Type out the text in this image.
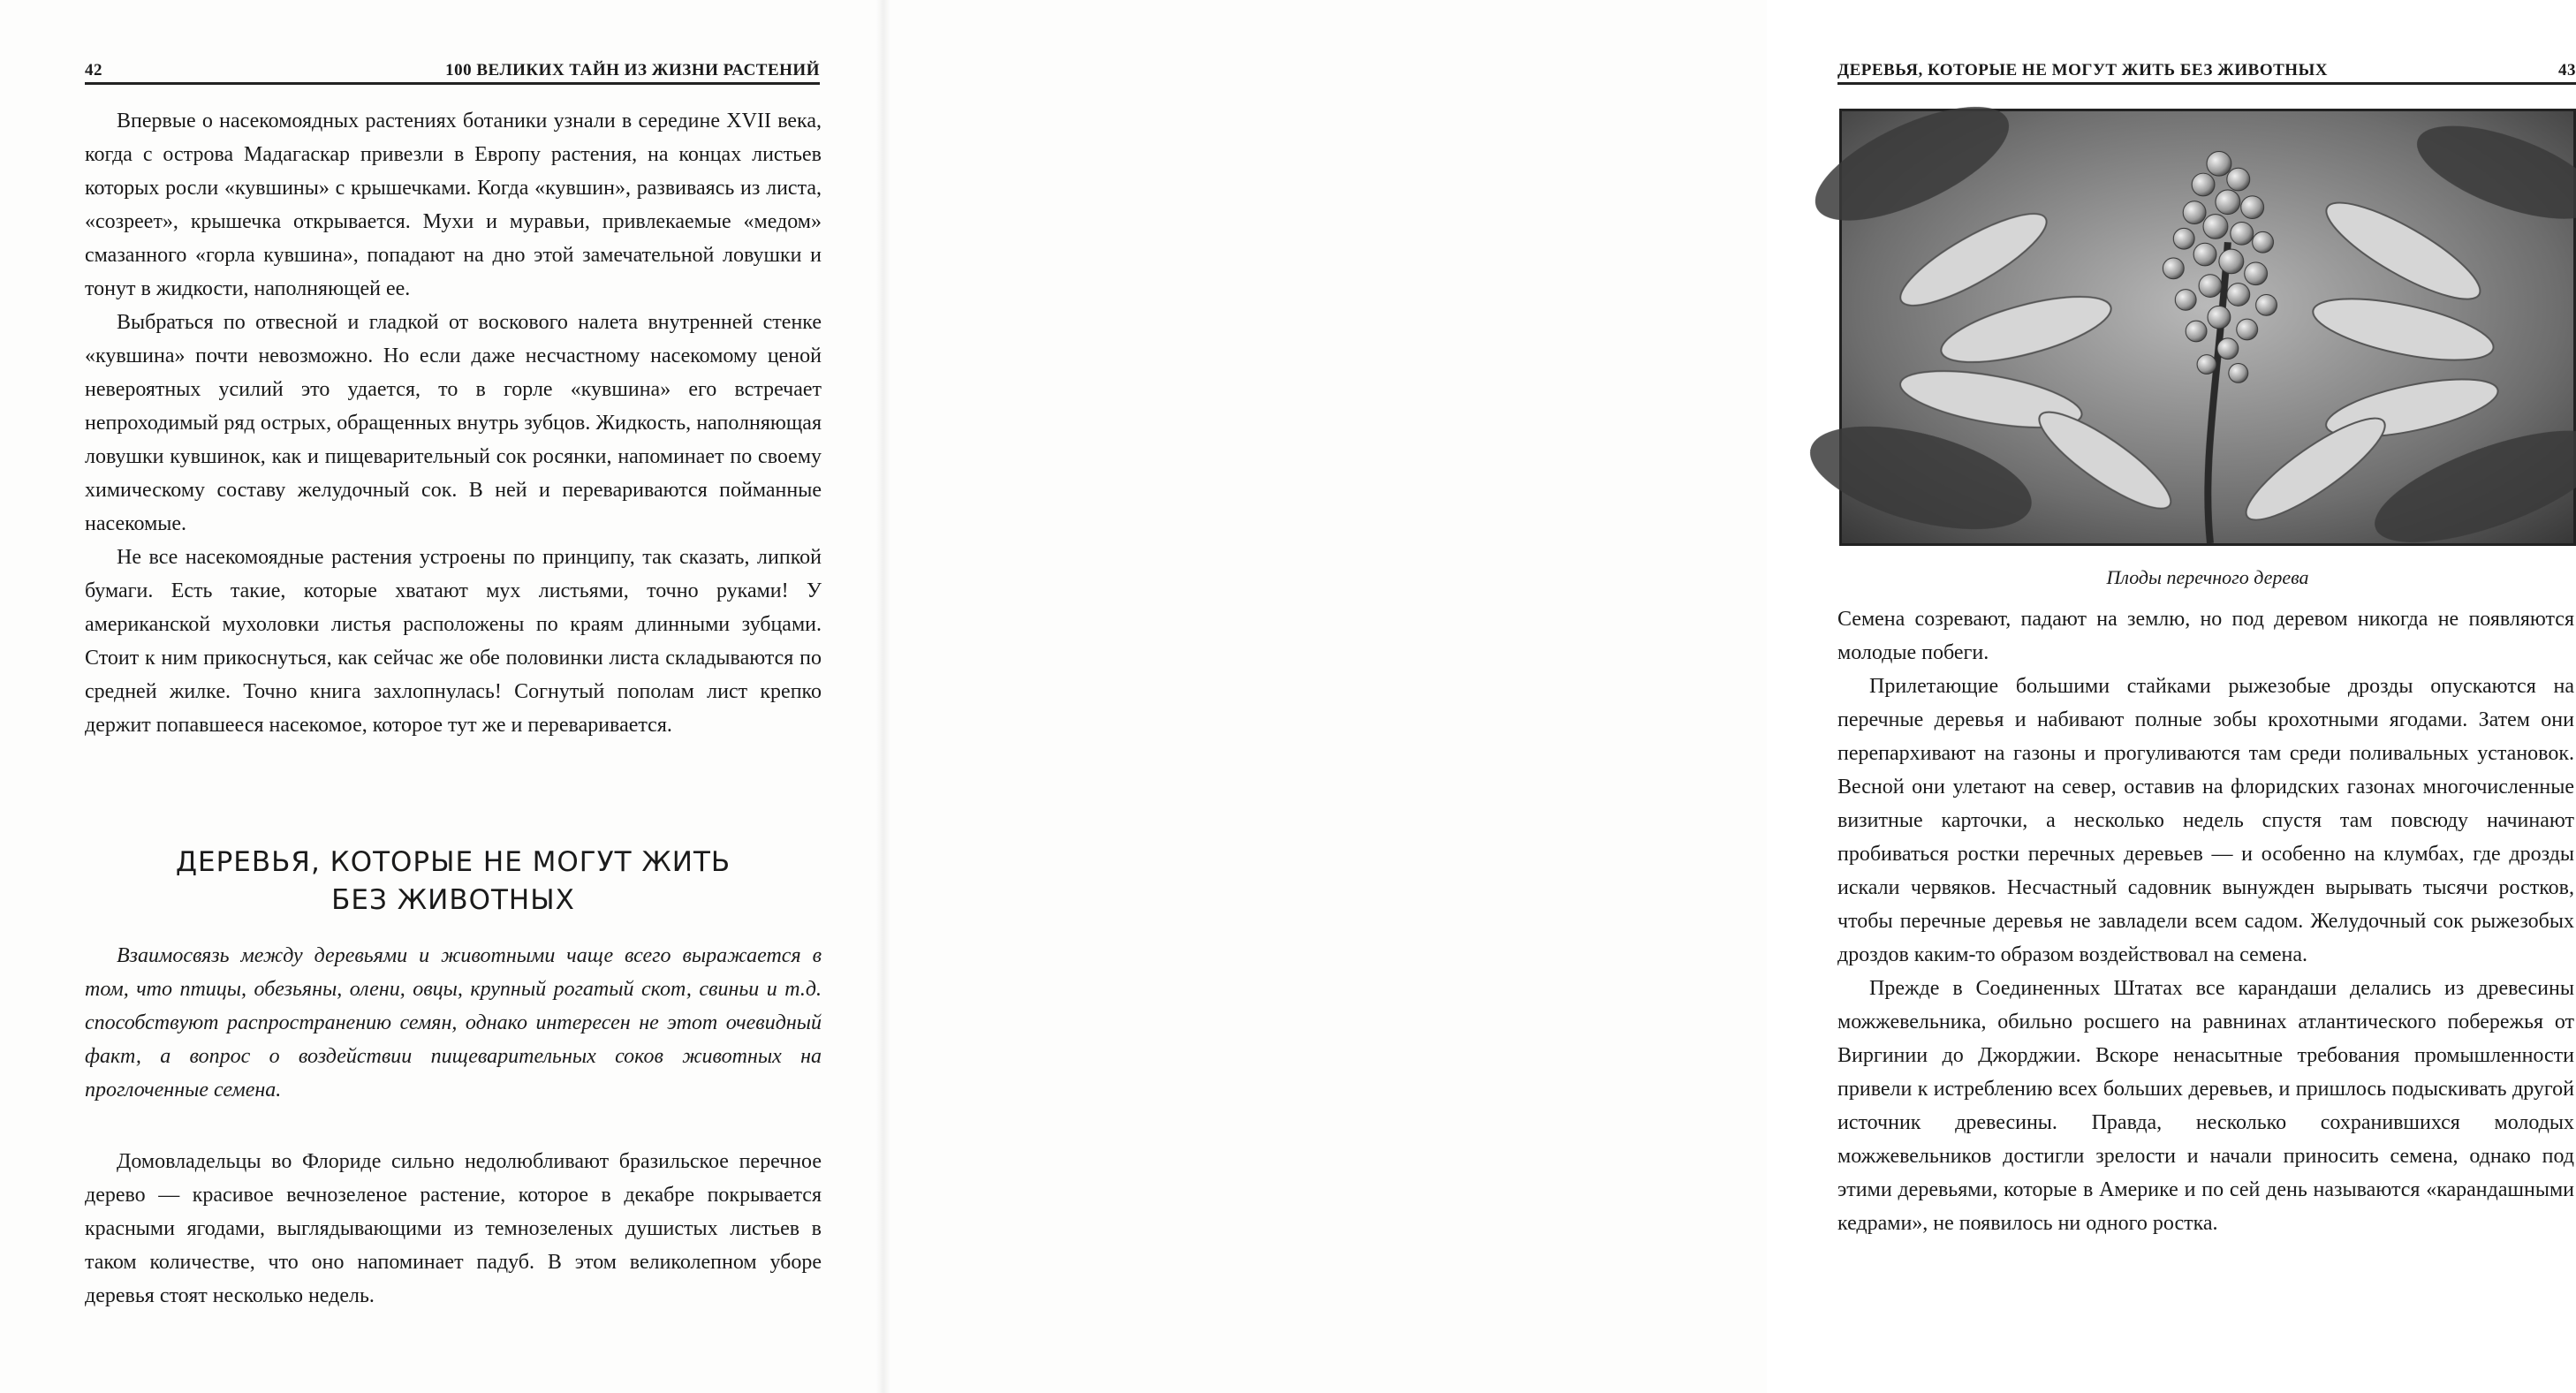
42	100 ВЕЛИКИХ ТАЙН ИЗ ЖИЗНИ РАСТЕНИЙ

Впервые о насекомоядных растениях ботаники узнали в середине XVII века, когда с острова Мадагаскар привезли в Европу растения, на концах листьев которых росли «кувшины» с крышечками. Когда «кувшин», развиваясь из листа, «созреет», крышечка открывается. Мухи и муравьи, привлекаемые «медом» смазанного «горла кувшина», попадают на дно этой замечательной ловушки и тонут в жидкости, наполняющей ее.

Выбраться по отвесной и гладкой от воскового налета внутренней стенке «кувшина» почти невозможно. Но если даже несчастному насекомому ценой невероятных усилий это удается, то в горле «кувшина» его встречает непроходимый ряд острых, обращенных внутрь зубцов. Жидкость, наполняющая ловушки кувшинок, как и пищеварительный сок росянки, напоминает по своему химическому составу желудочный сок. В ней и перевариваются пойманные насекомые.

Не все насекомоядные растения устроены по принципу, так сказать, липкой бумаги. Есть такие, которые хватают мух листьями, точно руками! У американской мухоловки листья расположены по краям длинными зубцами. Стоит к ним прикоснуться, как сейчас же обе половинки листа складываются по средней жилке. Точно книга захлопнулась! Согнутый пополам лист крепко держит попавшееся насекомое, которое тут же и переваривается.

ДЕРЕВЬЯ, КОТОРЫЕ НЕ МОГУТ ЖИТЬ
БЕЗ ЖИВОТНЫХ

Взаимосвязь между деревьями и животными чаще всего выражается в том, что птицы, обезьяны, олени, овцы, крупный рогатый скот, свиньи и т.д. способствуют распространению семян, однако интересен не этот очевидный факт, а вопрос о воздействии пищеварительных соков животных на проглоченные семена.

Домовладельцы во Флориде сильно недолюбливают бразильское перечное дерево — красивое вечнозеленое растение, которое в декабре покрывается красными ягодами, выглядывающими из темнозеленых душистых листьев в таком количестве, что оно напоминает падуб. В этом великолепном уборе деревья стоят несколько недель.

ДЕРЕВЬЯ, КОТОРЫЕ НЕ МОГУТ ЖИТЬ БЕЗ ЖИВОТНЫХ	43
Плоды перечного дерева

Семена созревают, падают на землю, но под деревом никогда не появляются молодые побеги.

Прилетающие большими стайками рыжезобые дрозды опускаются на перечные деревья и набивают полные зобы крохотными ягодами. Затем они перепархивают на газоны и прогуливаются там среди поливальных установок. Весной они улетают на север, оставив на флоридских газонах многочисленные визитные карточки, а несколько недель спустя там повсюду начинают пробиваться ростки перечных деревьев — и особенно на клумбах, где дрозды искали червяков. Несчастный садовник вынужден вырывать тысячи ростков, чтобы перечные деревья не завладели всем садом. Желудочный сок рыжезобых дроздов каким-то образом воздействовал на семена.

Прежде в Соединенных Штатах все карандаши делались из древесины можжевельника, обильно росшего на равнинах атлантического побережья от Виргинии до Джорджии. Вскоре ненасытные требования промышленности привели к истреблению всех больших деревьев, и пришлось подыскивать другой источник древесины. Правда, несколько сохранившихся молодых можжевельников достигли зрелости и начали приносить семена, однако под этими деревьями, которые в Америке и по сей день называются «карандашными кедрами», не появилось ни одного ростка.
